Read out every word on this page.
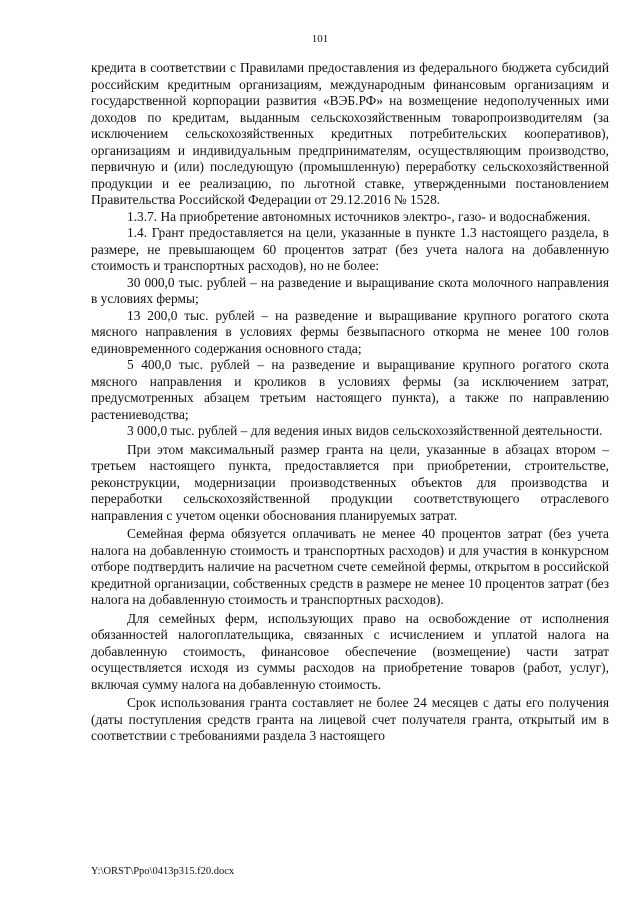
101

кредита в соответствии с Правилами предоставления из федерального бюджета субсидий российским кредитным организациям, международным финансовым организациям и государственной корпорации развития «ВЭБ.РФ» на возмещение недополученных ими доходов по кредитам, выданным сельскохозяйственным товаропроизводителям (за исключением сельскохозяйственных кредитных потребительских кооперативов), организациям и индивидуальным предпринимателям, осуществляющим производство, первичную и (или) последующую (промышленную) переработку сельскохозяйственной продукции и ее реализацию, по льготной ставке, утвержденными постановлением Правительства Российской Федерации от 29.12.2016 № 1528.

1.3.7. На приобретение автономных источников электро-, газо- и водоснабжения.

1.4. Грант предоставляется на цели, указанные в пункте 1.3 настоящего раздела, в размере, не превышающем 60 процентов затрат (без учета налога на добавленную стоимость и транспортных расходов), но не более:

30 000,0 тыс. рублей – на разведение и выращивание скота молочного направления в условиях фермы;

13 200,0 тыс. рублей – на разведение и выращивание крупного рогатого скота мясного направления в условиях фермы безвыпасного откорма не менее 100 голов единовременного содержания основного стада;

5 400,0 тыс. рублей – на разведение и выращивание крупного рогатого скота мясного направления и кроликов в условиях фермы (за исключением затрат, предусмотренных абзацем третьим настоящего пункта), а также по направлению растениеводства;

3 000,0 тыс. рублей – для ведения иных видов сельскохозяйственной деятельности.

При этом максимальный размер гранта на цели, указанные в абзацах втором – третьем настоящего пункта, предоставляется при приобретении, строительстве, реконструкции, модернизации производственных объектов для производства и переработки сельскохозяйственной продукции соответствующего отраслевого направления с учетом оценки обоснования планируемых затрат.

Семейная ферма обязуется оплачивать не менее 40 процентов затрат (без учета налога на добавленную стоимость и транспортных расходов) и для участия в конкурсном отборе подтвердить наличие на расчетном счете семейной фермы, открытом в российской кредитной организации, собственных средств в размере не менее 10 процентов затрат (без налога на добавленную стоимость и транспортных расходов).

Для семейных ферм, использующих право на освобождение от исполнения обязанностей налогоплательщика, связанных с исчислением и уплатой налога на добавленную стоимость, финансовое обеспечение (возмещение) части затрат осуществляется исходя из суммы расходов на приобретение товаров (работ, услуг), включая сумму налога на добавленную стоимость.

Срок использования гранта составляет не более 24 месяцев с даты его получения (даты поступления средств гранта на лицевой счет получателя гранта, открытый им в соответствии с требованиями раздела 3 настоящего

Y:\ORST\Ppo\0413p315.f20.docx
